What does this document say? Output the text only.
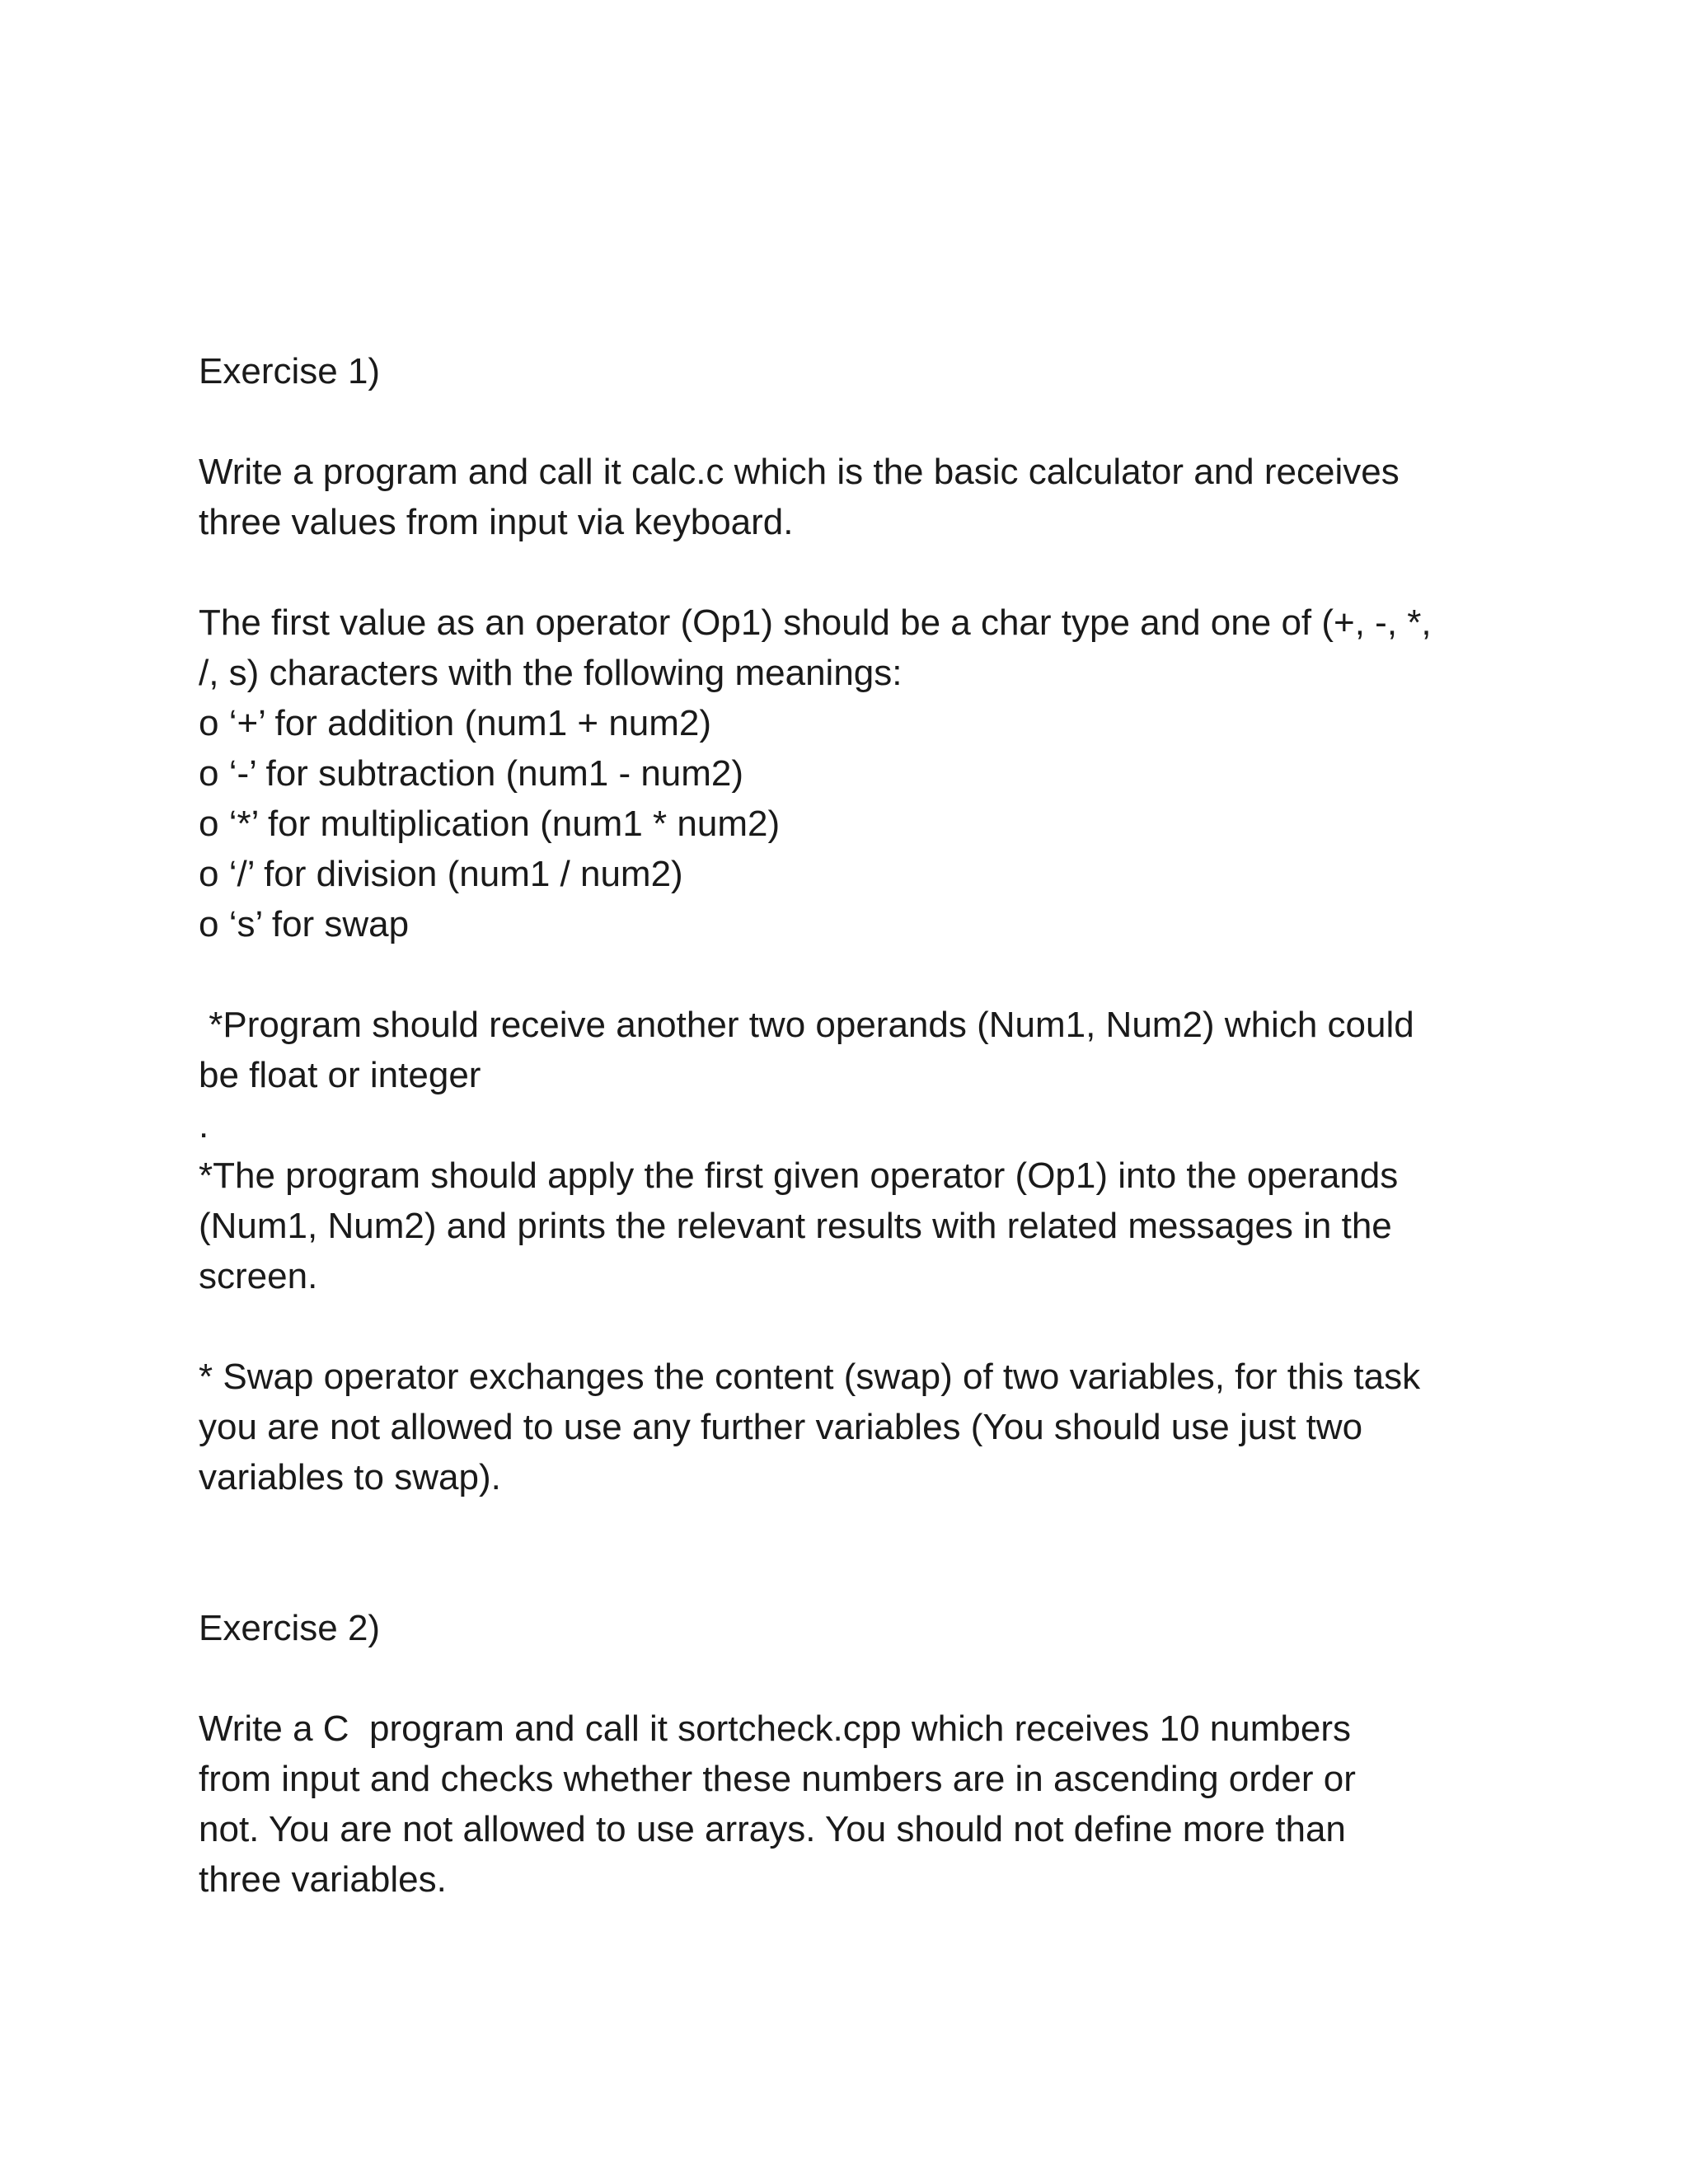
Exercise 1)
Write a program and call it calc.c which is the basic calculator and receives
three values from input via keyboard.
The first value as an operator (Op1) should be a char type and one of (+, -, *,
/, s) characters with the following meanings:
o ‘+’ for addition (num1 + num2)
o ‘-’ for subtraction (num1 - num2)
o ‘*’ for multiplication (num1 * num2)
o ‘/’ for division (num1 / num2)
o ‘s’ for swap
*Program should receive another two operands (Num1, Num2) which could
be float or integer
.
*The program should apply the first given operator (Op1) into the operands
(Num1, Num2) and prints the relevant results with related messages in the
screen.
* Swap operator exchanges the content (swap) of two variables, for this task
you are not allowed to use any further variables (You should use just two
variables to swap).
Exercise 2)
Write a C  program and call it sortcheck.cpp which receives 10 numbers
from input and checks whether these numbers are in ascending order or
not. You are not allowed to use arrays. You should not define more than
three variables.
